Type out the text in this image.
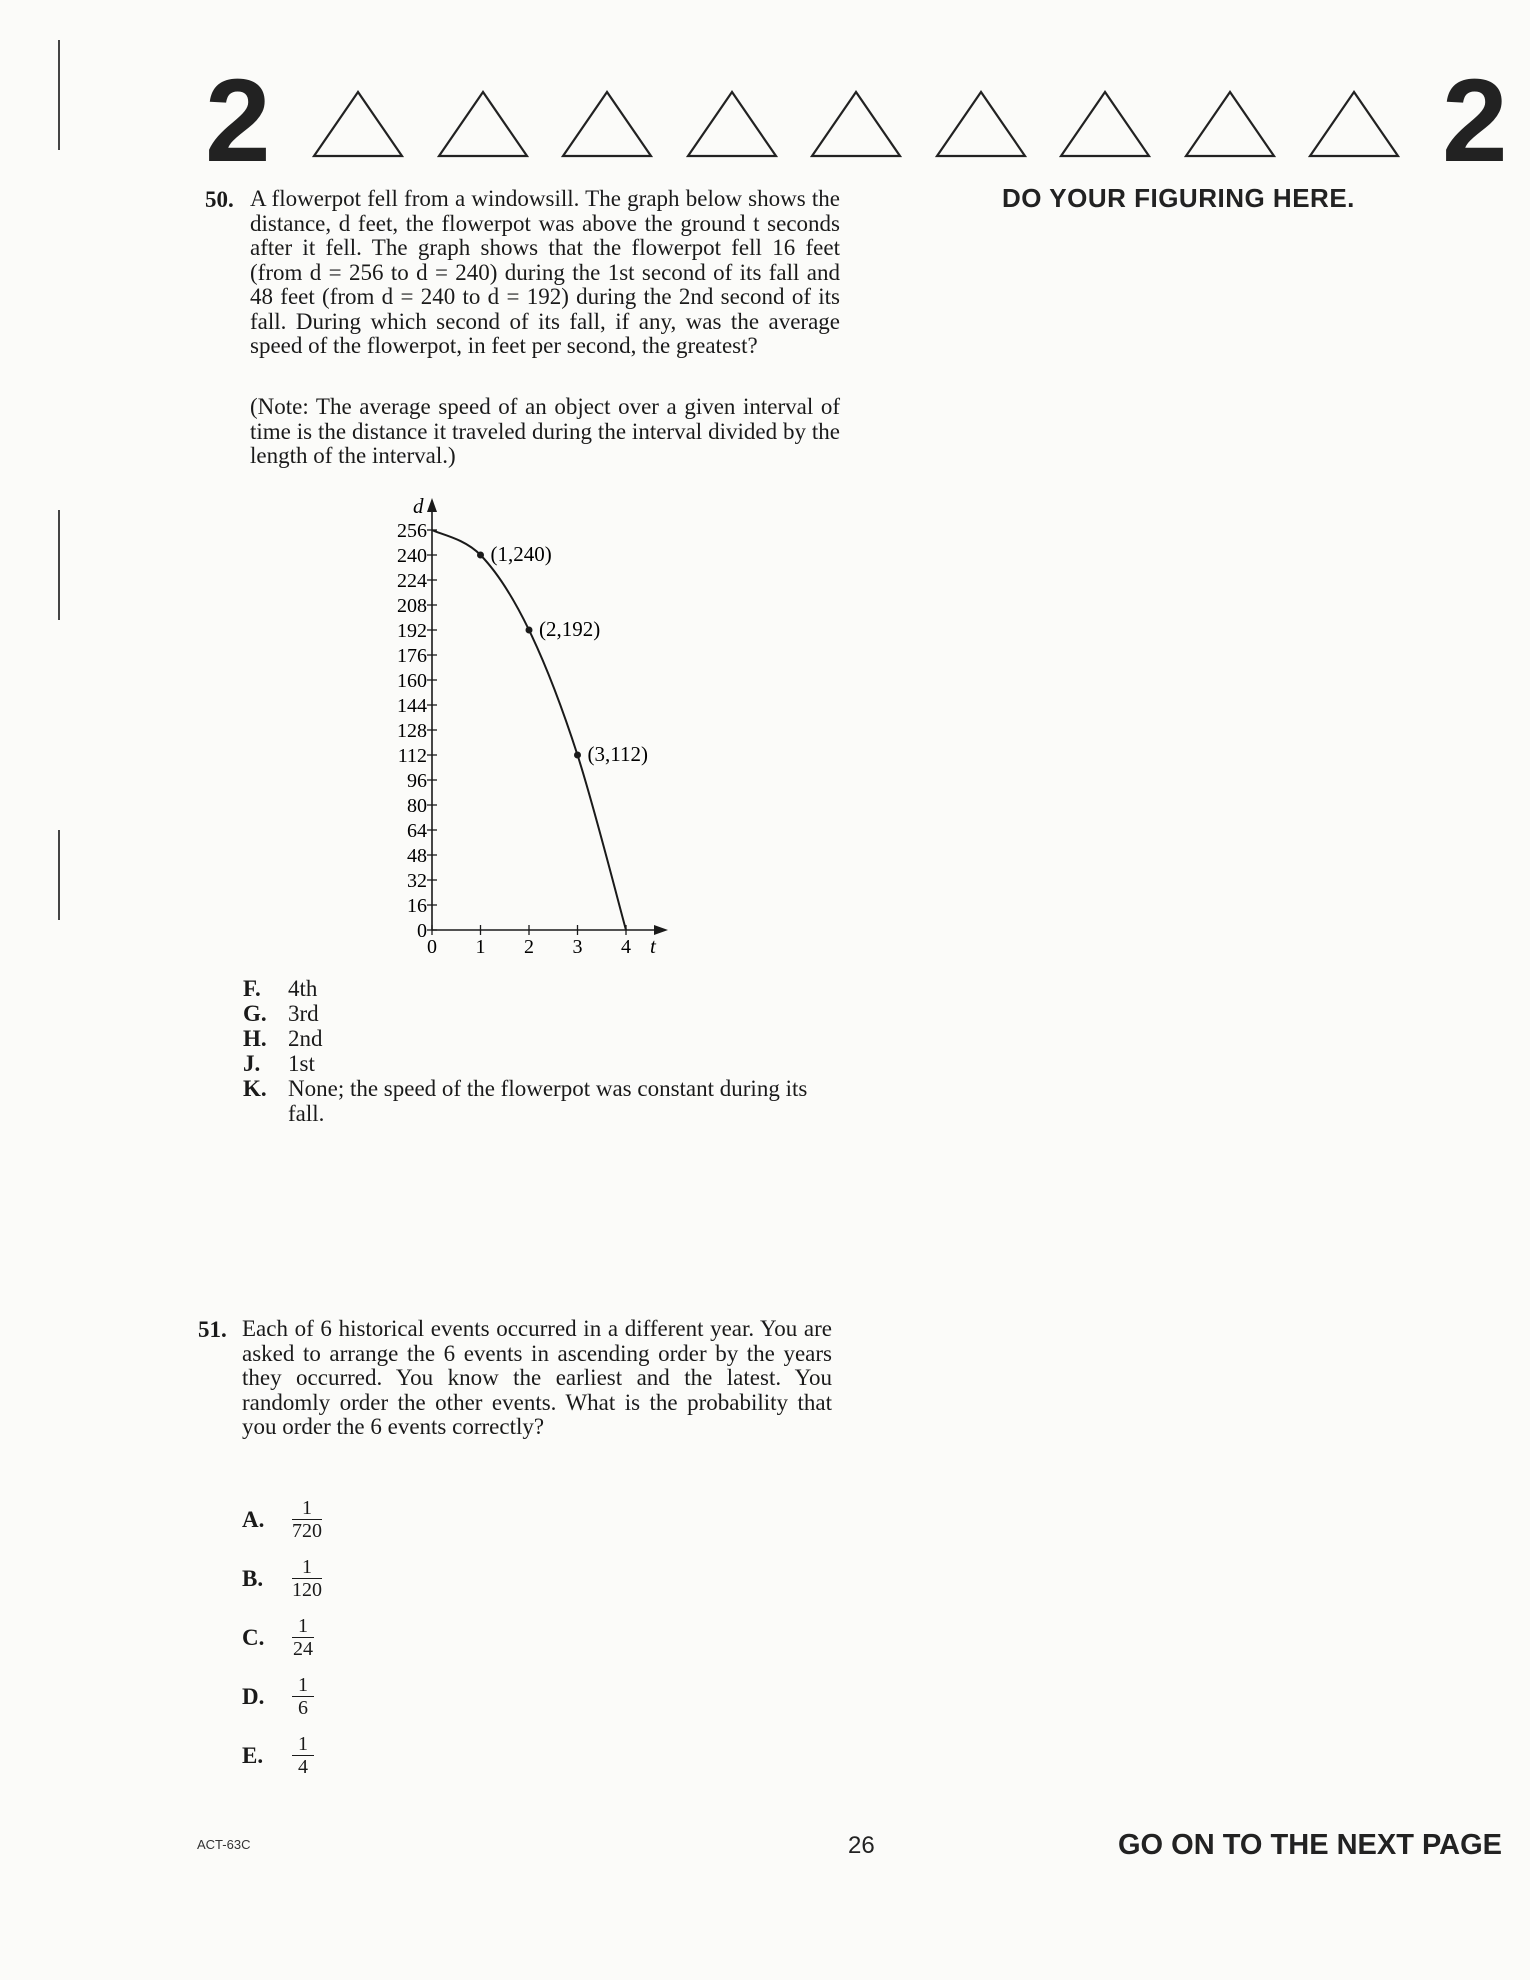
2	2
DO YOUR FIGURING HERE.
50. A flowerpot fell from a windowsill. The graph below shows the distance, d feet, the flowerpot was above the ground t seconds after it fell. The graph shows that the flowerpot fell 16 feet (from d = 256 to d = 240) during the 1st second of its fall and 48 feet (from d = 240 to d = 192) during the 2nd second of its fall. During which second of its fall, if any, was the average speed of the flowerpot, in feet per second, the greatest?
(Note: The average speed of an object over a given interval of time is the distance it traveled during the interval divided by the length of the interval.)
t
d
0
16
32
48
64
80
96
112
128
144
160
176
192
208
224
240
256
0 1 2 3 4
(1,240)
(2,192)
(3,112)
F.	4th
G. 3rd
H. 2nd
J.	1st
K. None; the speed of the flowerpot was constant during its fall.
51. Each of 6 historical events occurred in a different year. You are asked to arrange the 6 events in ascending order by the years they occurred. You know the earliest and the latest. You randomly order the other events. What is the probability that you order the 6 events correctly?
A.	$\frac{1}{720}$
B.	$\frac{1}{120}$
C.	$\frac{1}{24}$
D.	$\frac{1}{6}$
E.	$\frac{1}{4}$
ACT-63C	26	GO ON TO THE NEXT PAGE
